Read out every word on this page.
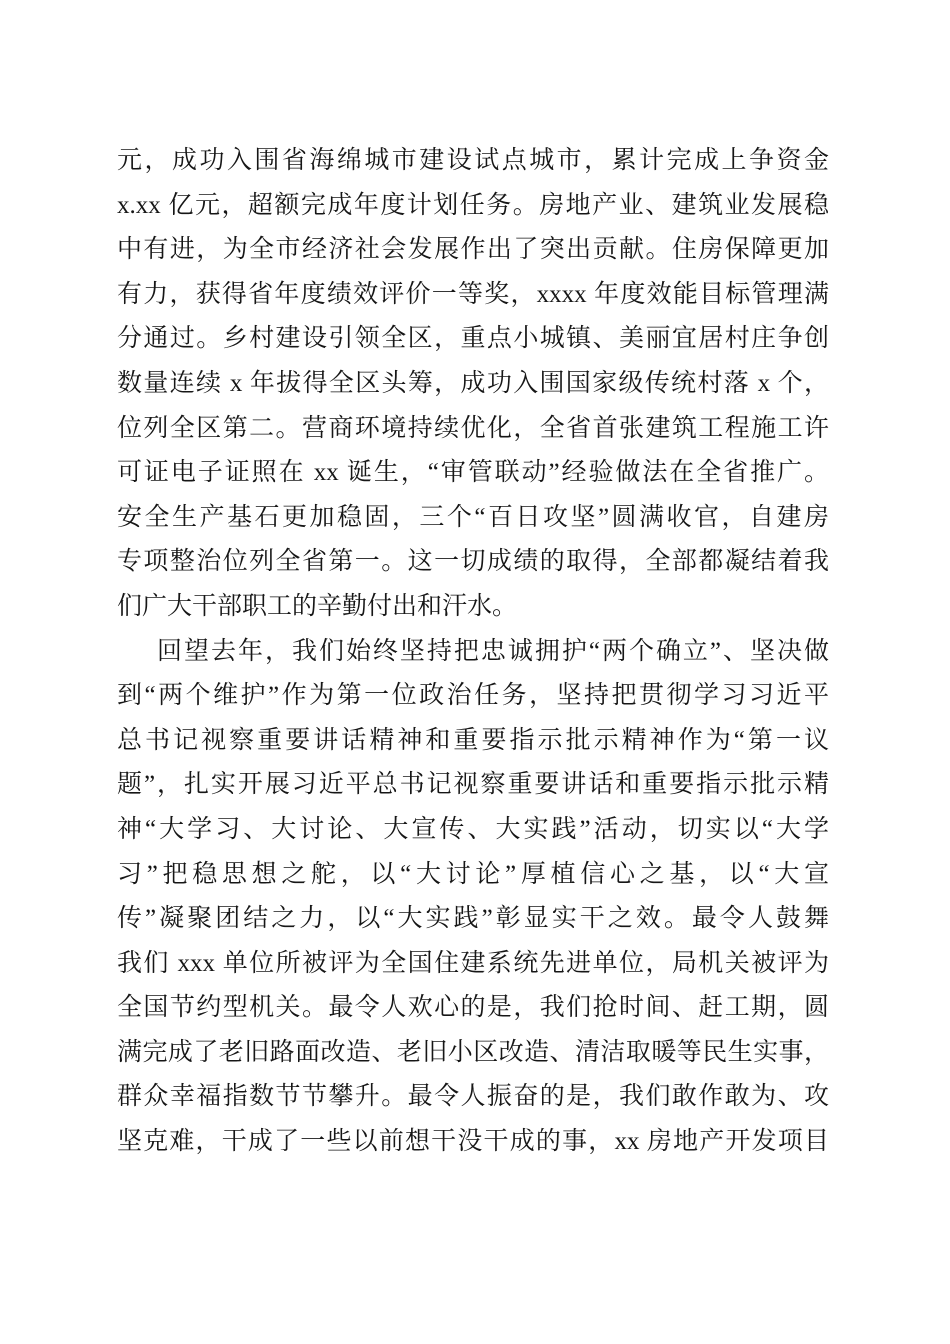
元，成功入围省海绵城市建设试点城市，累计完成上争资金
x.xx 亿元，超额完成年度计划任务。房地产业、建筑业发展稳
中有进，为全市经济社会发展作出了突出贡献。住房保障更加
有力，获得省年度绩效评价一等奖，xxxx 年度效能目标管理满
分通过。乡村建设引领全区，重点小城镇、美丽宜居村庄争创
数量连续 x 年拔得全区头筹，成功入围国家级传统村落 x 个，
位列全区第二。营商环境持续优化，全省首张建筑工程施工许
可证电子证照在 xx 诞生，“审管联动”经验做法在全省推广。
安全生产基石更加稳固，三个“百日攻坚”圆满收官，自建房
专项整治位列全省第一。这一切成绩的取得，全部都凝结着我
们广大干部职工的辛勤付出和汗水。
回望去年，我们始终坚持把忠诚拥护“两个确立”、坚决做
到“两个维护”作为第一位政治任务，坚持把贯彻学习习近平
总书记视察重要讲话精神和重要指示批示精神作为“第一议
题”，扎实开展习近平总书记视察重要讲话和重要指示批示精
神“大学习、大讨论、大宣传、大实践”活动，切实以“大学
习”把稳思想之舵，以“大讨论”厚植信心之基，以“大宣
传”凝聚团结之力，以“大实践”彰显实干之效。最令人鼓舞
我们 xxx 单位所被评为全国住建系统先进单位，局机关被评为
全国节约型机关。最令人欢心的是，我们抢时间、赶工期，圆
满完成了老旧路面改造、老旧小区改造、清洁取暖等民生实事，
群众幸福指数节节攀升。最令人振奋的是，我们敢作敢为、攻
坚克难，干成了一些以前想干没干成的事，xx 房地产开发项目
